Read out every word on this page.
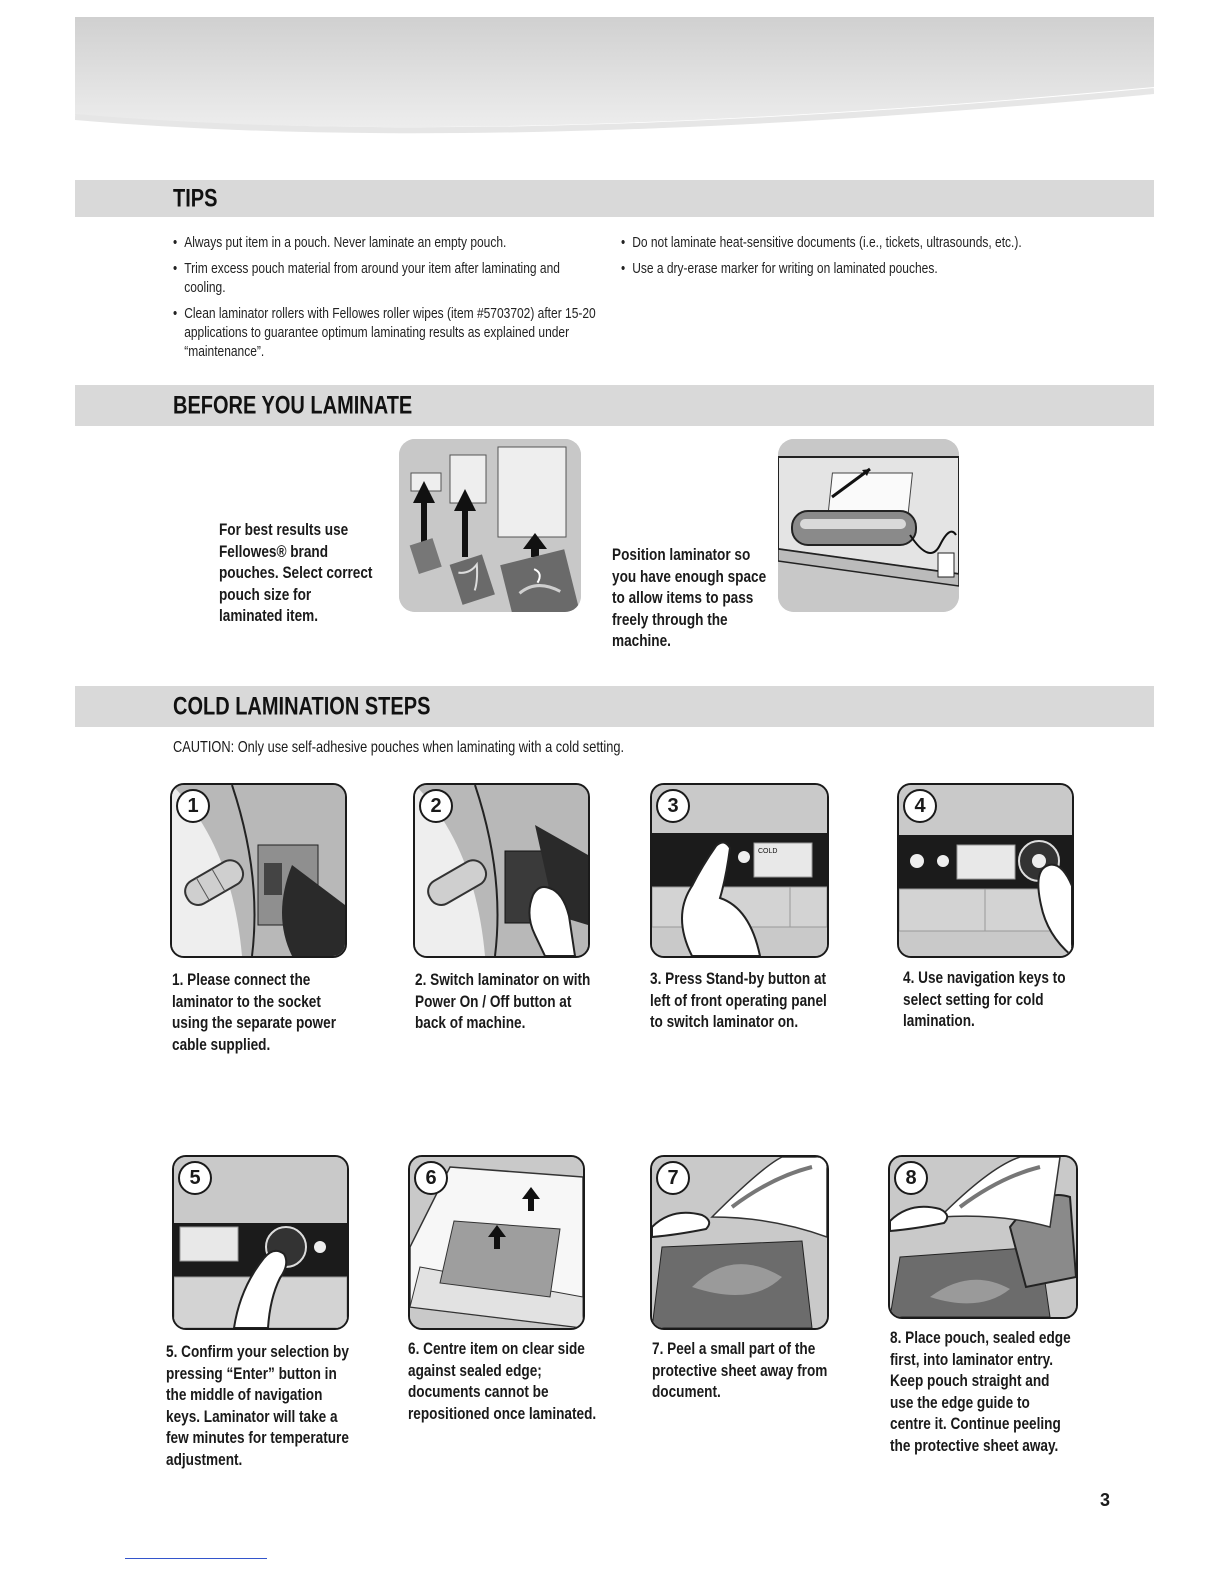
TIPS
• Always put item in a pouch. Never laminate an empty pouch.
• Trim excess pouch material from around your item after laminating and cooling.
• Clean laminator rollers with Fellowes roller wipes (item #5703702) after 15-20 applications to guarantee optimum laminating results as explained under “maintenance”.
• Do not laminate heat-sensitive documents (i.e., tickets, ultrasounds, etc.).
• Use a dry-erase marker for writing on laminated pouches.
BEFORE YOU LAMINATE
For best results use Fellowes® brand pouches. Select correct pouch size for laminated item.
Position laminator so you have enough space to allow items to pass freely through the machine.
COLD LAMINATION STEPS
CAUTION: Only use self-adhesive pouches when laminating with a cold setting.
1
1. Please connect the laminator to the socket using the separate power cable supplied.
2
2. Switch laminator on with Power On / Off button at back of machine.
3
COLD
3. Press Stand-by button at left of front operating panel to switch laminator on.
4
4. Use navigation keys to select setting for cold lamination.
5
5. Confirm your selection by pressing “Enter” button in the middle of navigation keys. Laminator will take a few minutes for temperature adjustment.
6
6. Centre item on clear side against sealed edge; documents cannot be repositioned once laminated.
7
7. Peel a small part of the protective sheet away from document.
8
8. Place pouch, sealed edge first, into laminator entry. Keep pouch straight and use the edge guide to centre it. Continue peeling the protective sheet away.
3
